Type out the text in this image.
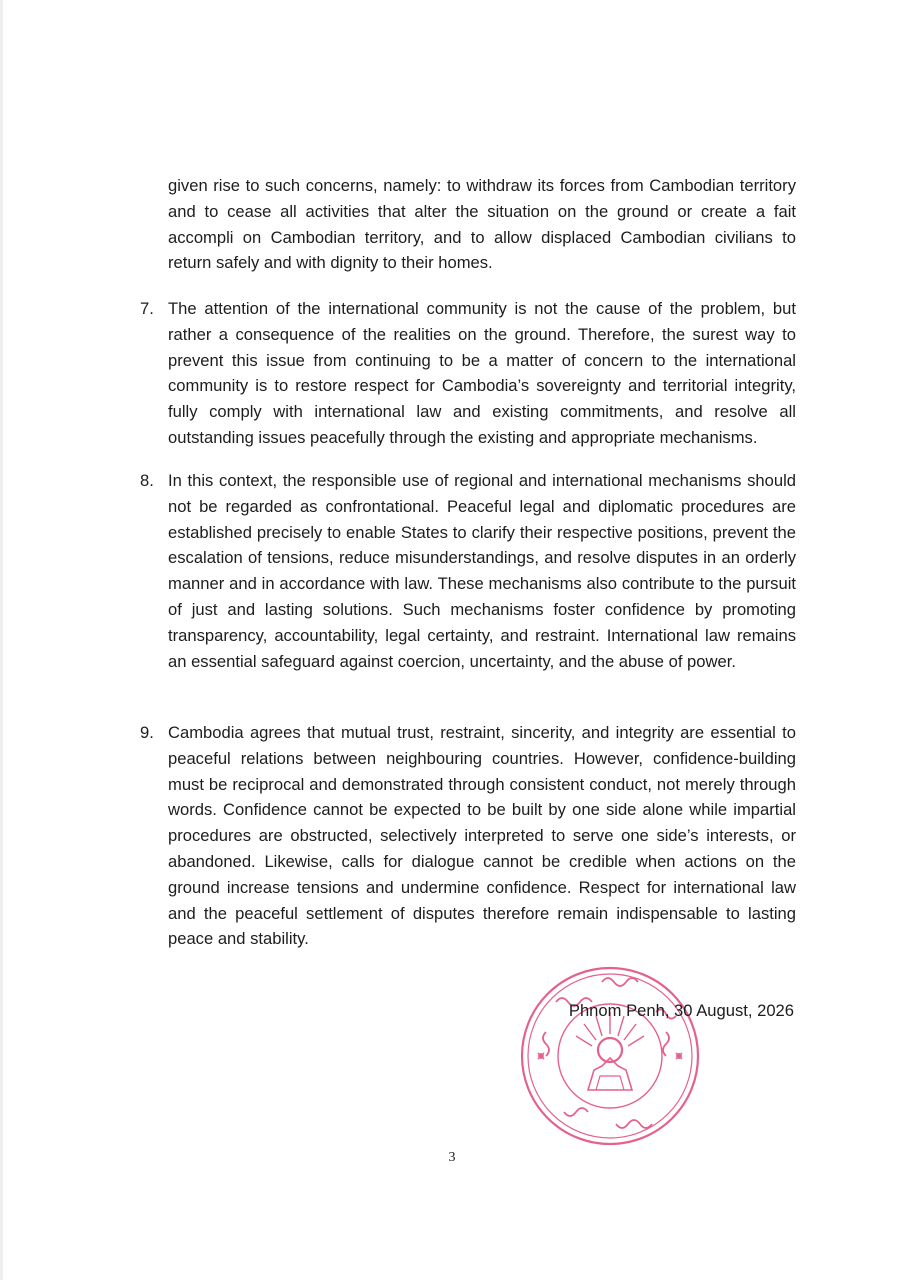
given rise to such concerns, namely: to withdraw its forces from Cambodian territory and to cease all activities that alter the situation on the ground or create a fait accompli on Cambodian territory, and to allow displaced Cambodian civilians to return safely and with dignity to their homes.

7. The attention of the international community is not the cause of the problem, but rather a consequence of the realities on the ground. Therefore, the surest way to prevent this issue from continuing to be a matter of concern to the international community is to restore respect for Cambodia’s sovereignty and territorial integrity, fully comply with international law and existing commitments, and resolve all outstanding issues peacefully through the existing and appropriate mechanisms.

8. In this context, the responsible use of regional and international mechanisms should not be regarded as confrontational. Peaceful legal and diplomatic procedures are established precisely to enable States to clarify their respective positions, prevent the escalation of tensions, reduce misunderstandings, and resolve disputes in an orderly manner and in accordance with law. These mechanisms also contribute to the pursuit of just and lasting solutions. Such mechanisms foster confidence by promoting transparency, accountability, legal certainty, and restraint. International law remains an essential safeguard against coercion, uncertainty, and the abuse of power.

9. Cambodia agrees that mutual trust, restraint, sincerity, and integrity are essential to peaceful relations between neighbouring countries. However, confidence-building must be reciprocal and demonstrated through consistent conduct, not merely through words. Confidence cannot be expected to be built by one side alone while impartial procedures are obstructed, selectively interpreted to serve one side’s interests, or abandoned. Likewise, calls for dialogue cannot be credible when actions on the ground increase tensions and undermine confidence. Respect for international law and the peaceful settlement of disputes therefore remain indispensable to lasting peace and stability.

Phnom Penh, 30 August, 2026
3
